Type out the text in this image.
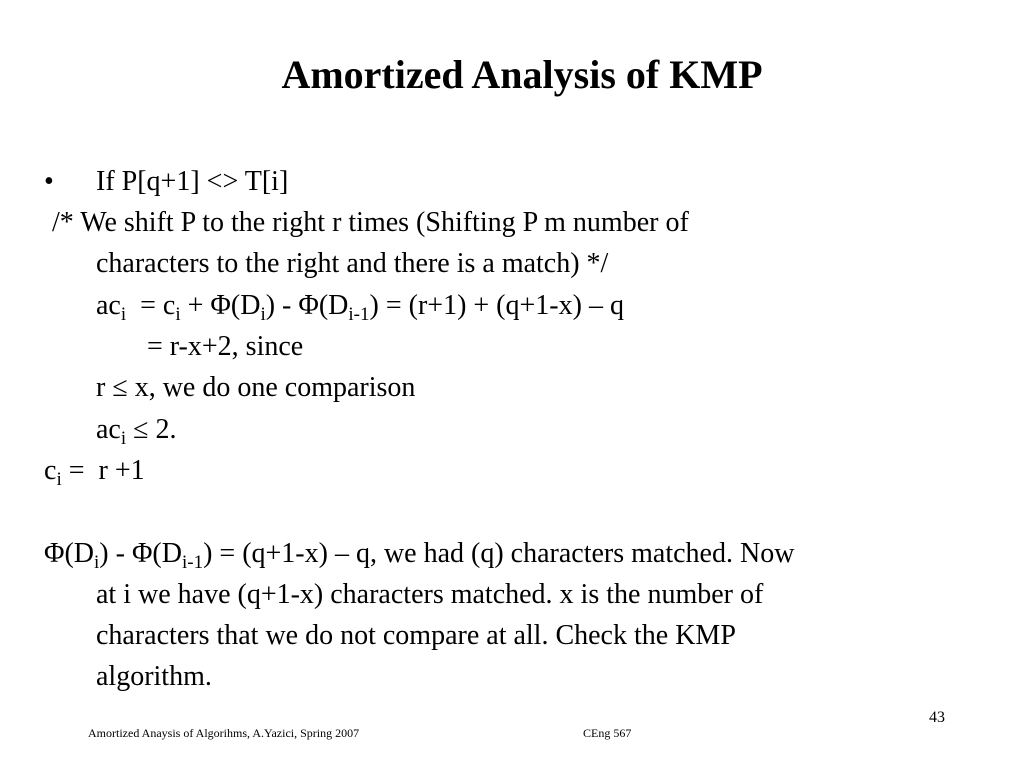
Amortized Analysis of KMP
• If P[q+1] <> T[i]
/* We shift P to the right r times (Shifting P m number of
characters to the right and there is a match) */
$ac_i = c_i + \Phi(D_i) - \Phi(D_{i-1}) = (r+1) + (q+1-x) - q$
= r-x+2, since
r ≤ x, we do one comparison
$ac_i \le 2$.
$c_i = r +1$
$\Phi(D_i) - \Phi(D_{i-1}) = (q+1-x) - q$, we had (q) characters matched. Now
at i we have (q+1-x) characters matched. x is the number of
characters that we do not compare at all. Check the KMP
algorithm.
Amortized Anaysis of Algorihms, A.Yazici, Spring 2007	CEng 567
43
